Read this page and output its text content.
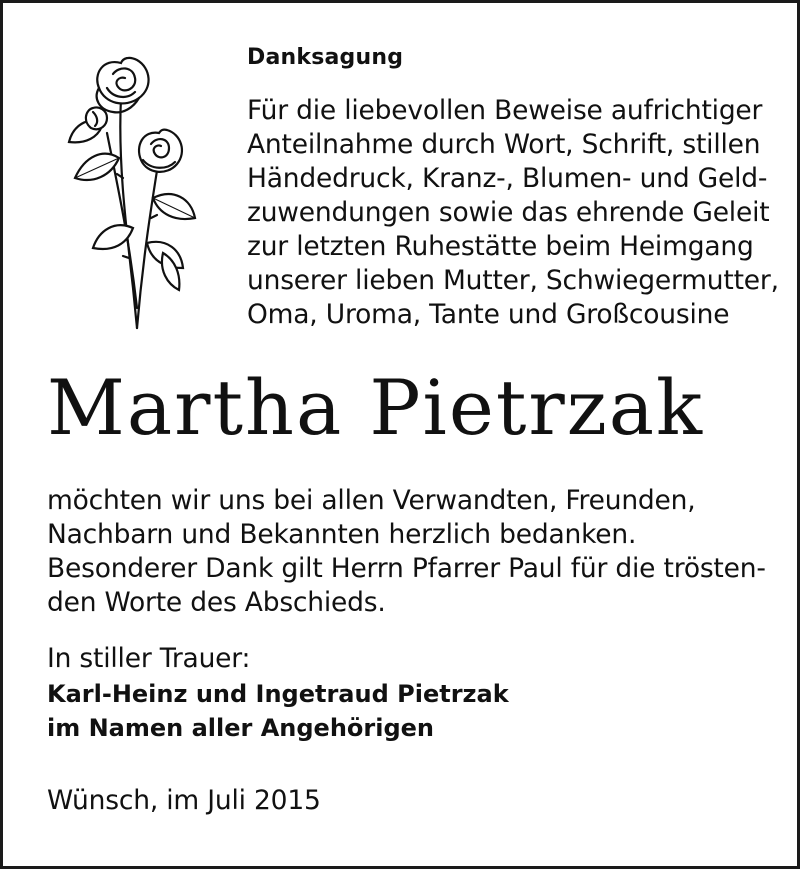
Danksagung
Für die liebevollen Beweise aufrichtiger
Anteilnahme durch Wort, Schrift, stillen
Händedruck, Kranz-, Blumen- und Geld-
zuwendungen sowie das ehrende Geleit
zur letzten Ruhestätte beim Heimgang
unserer lieben Mutter, Schwiegermutter,
Oma, Uroma, Tante und Großcousine
Martha Pietrzak
möchten wir uns bei allen Verwandten, Freunden,
Nachbarn und Bekannten herzlich bedanken.
Besonderer Dank gilt Herrn Pfarrer Paul für die trösten-
den Worte des Abschieds.
In stiller Trauer:
Karl-Heinz und Ingetraud Pietrzak
im Namen aller Angehörigen
Wünsch, im Juli 2015
